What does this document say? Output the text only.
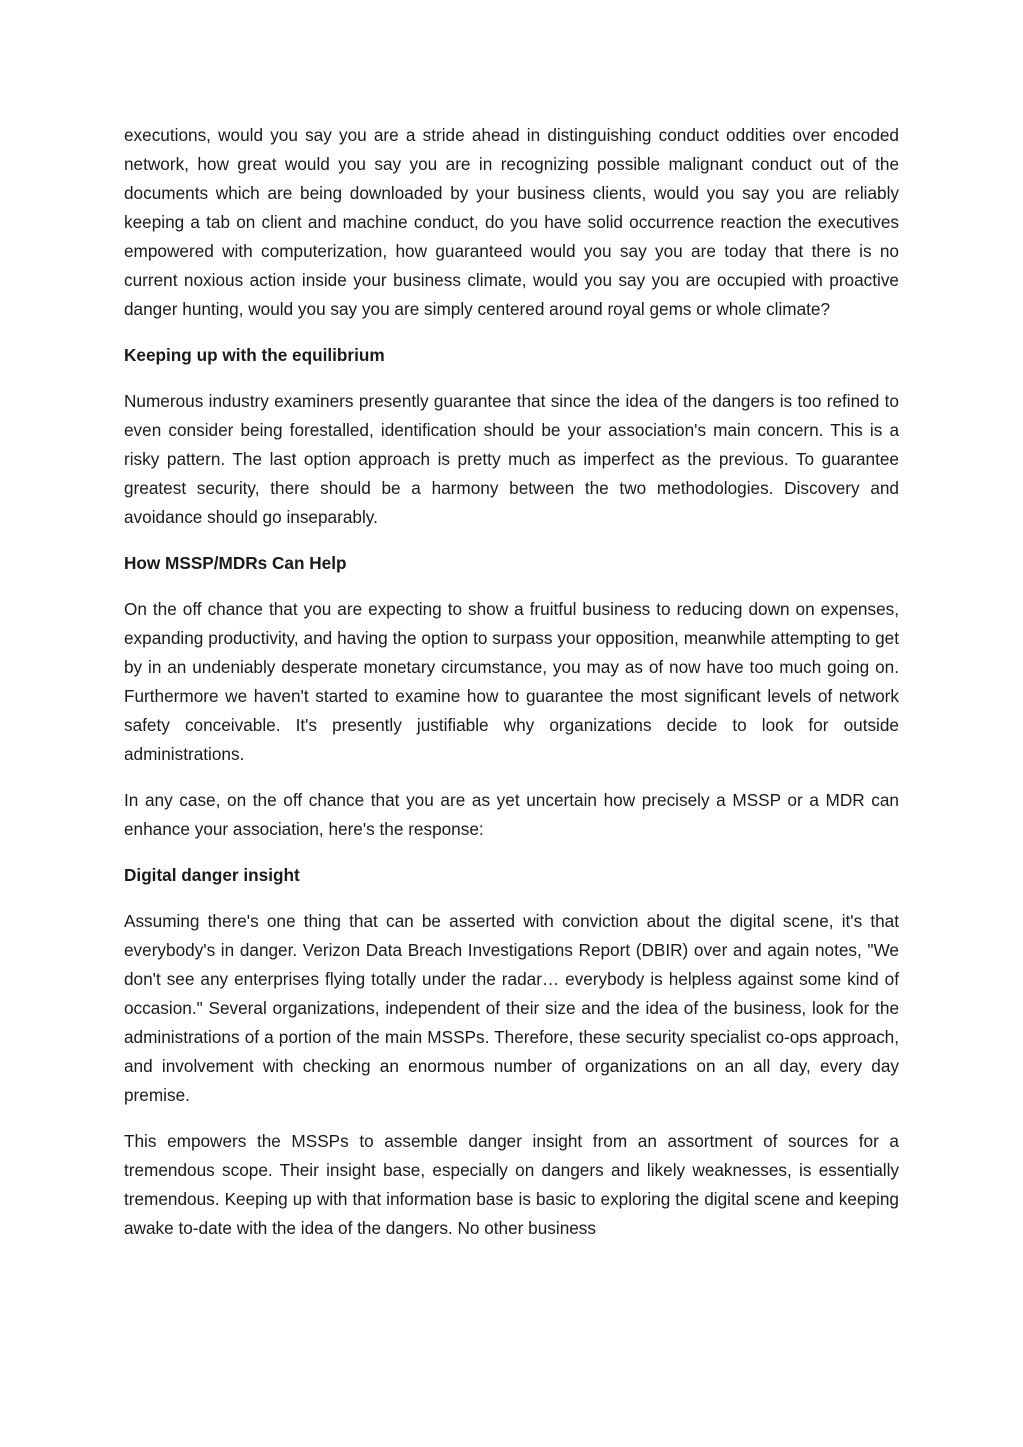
executions, would you say you are a stride ahead in distinguishing conduct oddities over encoded network, how great would you say you are in recognizing possible malignant conduct out of the documents which are being downloaded by your business clients, would you say you are reliably keeping a tab on client and machine conduct, do you have solid occurrence reaction the executives empowered with computerization, how guaranteed would you say you are today that there is no current noxious action inside your business climate, would you say you are occupied with proactive danger hunting, would you say you are simply centered around royal gems or whole climate?

Keeping up with the equilibrium

Numerous industry examiners presently guarantee that since the idea of the dangers is too refined to even consider being forestalled, identification should be your association's main concern. This is a risky pattern. The last option approach is pretty much as imperfect as the previous. To guarantee greatest security, there should be a harmony between the two methodologies. Discovery and avoidance should go inseparably.

How MSSP/MDRs Can Help

On the off chance that you are expecting to show a fruitful business to reducing down on expenses, expanding productivity, and having the option to surpass your opposition, meanwhile attempting to get by in an undeniably desperate monetary circumstance, you may as of now have too much going on. Furthermore we haven't started to examine how to guarantee the most significant levels of network safety conceivable. It's presently justifiable why organizations decide to look for outside administrations.

In any case, on the off chance that you are as yet uncertain how precisely a MSSP or a MDR can enhance your association, here's the response:

Digital danger insight

Assuming there's one thing that can be asserted with conviction about the digital scene, it's that everybody's in danger. Verizon Data Breach Investigations Report (DBIR) over and again notes, "We don't see any enterprises flying totally under the radar… everybody is helpless against some kind of occasion." Several organizations, independent of their size and the idea of the business, look for the administrations of a portion of the main MSSPs. Therefore, these security specialist co-ops approach, and involvement with checking an enormous number of organizations on an all day, every day premise.

This empowers the MSSPs to assemble danger insight from an assortment of sources for a tremendous scope. Their insight base, especially on dangers and likely weaknesses, is essentially tremendous. Keeping up with that information base is basic to exploring the digital scene and keeping awake to-date with the idea of the dangers. No other business
